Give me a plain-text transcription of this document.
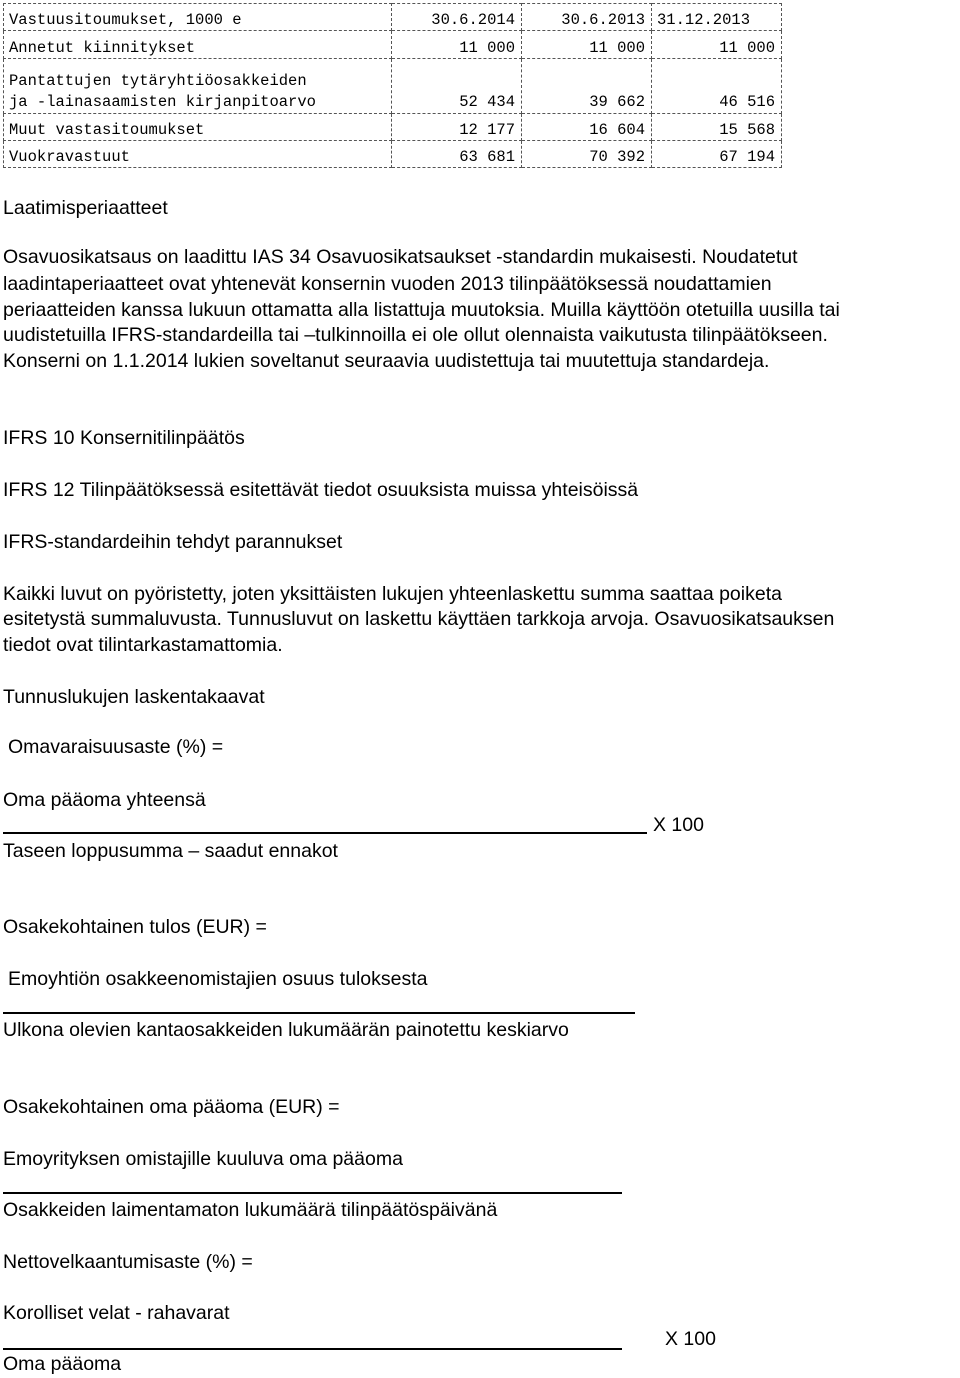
Vastuusitoumukset, 1000 e	30.6.2014	30.6.2013	31.12.2013
Annetut kiinnitykset	11 000	11 000	11 000
Pantattujen tytäryhtiöosakkeiden
ja -lainasaamisten kirjanpitoarvo	52 434	39 662	46 516
Muut vastasitoumukset	12 177	16 604	15 568
Vuokravastuut	63 681	70 392	67 194
Laatimisperiaatteet
Osavuosikatsaus on laadittu IAS 34 Osavuosikatsaukset -standardin mukaisesti. Noudatetut
laadintaperiaatteet ovat yhtenevät konsernin vuoden 2013 tilinpäätöksessä noudattamien
periaatteiden kanssa lukuun ottamatta alla listattuja muutoksia. Muilla käyttöön otetuilla uusilla tai
uudistetuilla IFRS-standardeilla tai –tulkinnoilla ei ole ollut olennaista vaikutusta tilinpäätökseen.
Konserni on 1.1.2014 lukien soveltanut seuraavia uudistettuja tai muutettuja standardeja.
IFRS 10 Konsernitilinpäätös
IFRS 12 Tilinpäätöksessä esitettävät tiedot osuuksista muissa yhteisöissä
IFRS-standardeihin tehdyt parannukset
Kaikki luvut on pyöristetty, joten yksittäisten lukujen yhteenlaskettu summa saattaa poiketa
esitetystä summaluvusta. Tunnusluvut on laskettu käyttäen tarkkoja arvoja. Osavuosikatsauksen
tiedot ovat tilintarkastamattomia.
Tunnuslukujen laskentakaavat
Omavaraisuusaste (%) =
Oma pääoma yhteensä
X 100
Taseen loppusumma – saadut ennakot
Osakekohtainen tulos (EUR) =
Emoyhtiön osakkeenomistajien osuus tuloksesta
Ulkona olevien kantaosakkeiden lukumäärän painotettu keskiarvo
Osakekohtainen oma pääoma (EUR) =
Emoyrityksen omistajille kuuluva oma pääoma
Osakkeiden laimentamaton lukumäärä tilinpäätöspäivänä
Nettovelkaantumisaste (%) =
Korolliset velat - rahavarat
X 100
Oma pääoma
